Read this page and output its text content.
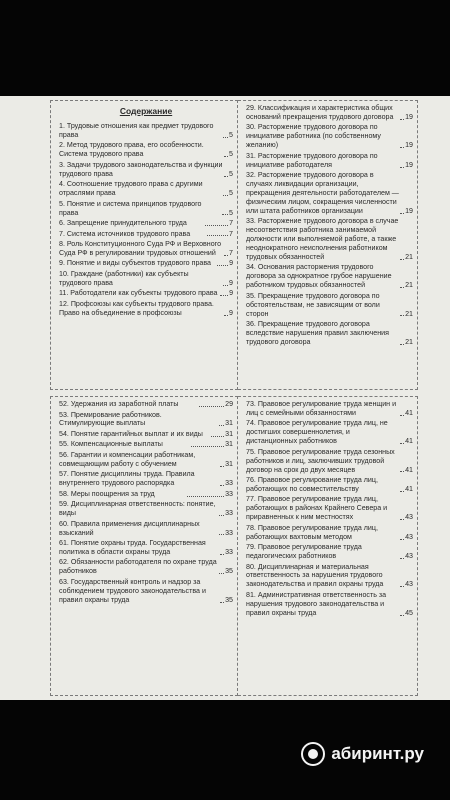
Содержание
1. Трудовые отношения как предмет трудового права	5
2. Метод трудового права, его особенности. Система трудового права	5
3. Задачи трудового законодательства и функции трудового права	5
4. Соотношение трудового права с другими отраслями права	5
5. Понятие и система принципов трудового права	5
6. Запрещение принудительного труда	7
7. Система источников трудового права	7
8. Роль Конституционного Суда РФ и Верховного Суда РФ в регулировании трудовых отношений	7
9. Понятие и виды субъектов трудового права	9
10. Граждане (работники) как субъекты трудового права	9
11. Работодатели как субъекты трудового права 9
12. Профсоюзы как субъекты трудового права. Право на объединение в профсоюзы	9
29. Классификация и характеристика общих оснований прекращения трудового договора	19
30. Расторжение трудового договора по инициативе работника (по собственному желанию)	19
31. Расторжение трудового договора по инициативе работодателя	19
32. Расторжение трудового договора в случаях ликвидации организации, прекращения деятельности работодателем — физическим лицом, сокращения численности или штата работников организации	19
33. Расторжение трудового договора в случае несоответствия работника занимаемой должности или выполняемой работе, а также неоднократного неисполнения работником трудовых обязанностей	21
34. Основания расторжения трудового договора за однократное грубое нарушение работником трудовых обязанностей	21
35. Прекращение трудового договора по обстоятельствам, не зависящим от воли сторон	21
36. Прекращение трудового договора вследствие нарушения правил заключения трудового договора	21
52. Удержания из заработной платы	29
53. Премирование работников. Стимулирующие выплаты	31
54. Понятие гарантийных выплат и их виды	31
55. Компенсационные выплаты	31
56. Гарантии и компенсации работникам, совмещающим работу с обучением	31
57. Понятие дисциплины труда. Правила внутреннего трудового распорядка	33
58. Меры поощрения за труд	33
59. Дисциплинарная ответственность: понятие, виды	33
60. Правила применения дисциплинарных взысканий	33
61. Понятие охраны труда. Государственная политика в области охраны труда	33
62. Обязанности работодателя по охране труда работников	35
63. Государственный контроль и надзор за соблюдением трудового законодательства и правил охраны труда	35
73. Правовое регулирование труда женщин и лиц с семейными обязанностями	41
74. Правовое регулирование труда лиц, не достигших совершеннолетия, и дистанционных работников	41
75. Правовое регулирование труда сезонных работников и лиц, заключивших трудовой договор на срок до двух месяцев	41
76. Правовое регулирование труда лиц, работающих по совместительству	41
77. Правовое регулирование труда лиц, работающих в районах Крайнего Севера и приравненных к ним местностях	43
78. Правовое регулирование труда лиц, работающих вахтовым методом	43
79. Правовое регулирование труда педагогических работников	43
80. Дисциплинарная и материальная ответственность за нарушения трудового законодательства и правил охраны труда	43
81. Административная ответственность за нарушения трудового законодательства и правил охраны труда	45
абиринт.ру
